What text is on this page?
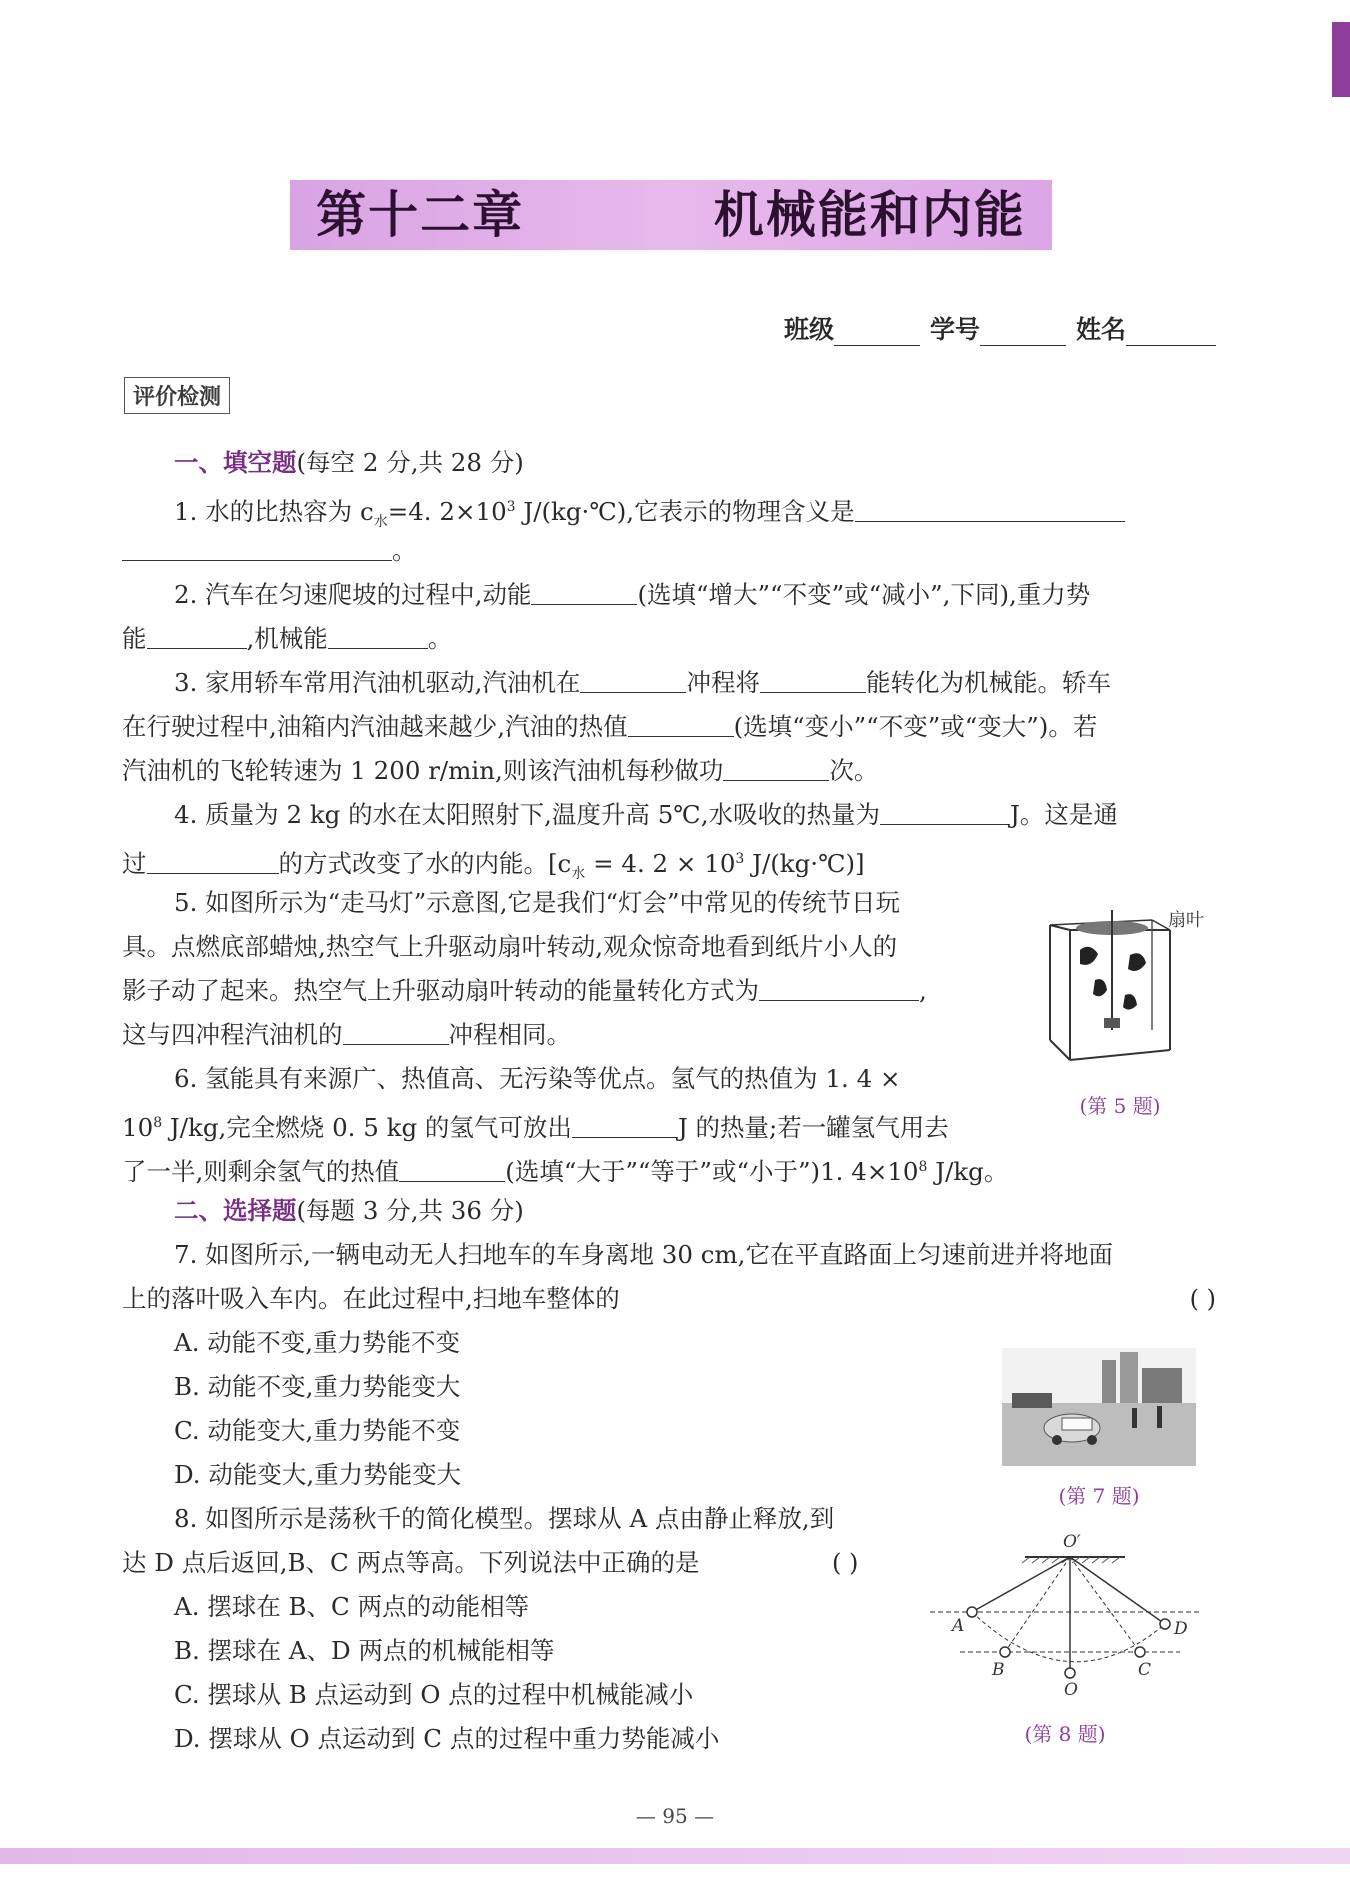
第十二章    机械能和内能
班级	学号	姓名
评价检测
一、填空题(每空 2 分,共 28 分)
1. 水的比热容为 $c_水=4$. $2\times 10^3$ J/(kg·℃),它表示的物理含义是
。
2. 汽车在匀速爬坡的过程中,动能	(选填“增大”“不变”或“减小”,下同),重力势
能	,机械能	。
3. 家用轿车常用汽油机驱动,汽油机在	冲程将	能转化为机械能。轿车
在行驶过程中,油箱内汽油越来越少,汽油的热值	(选填“变小”“不变”或“变大”)。若
汽油机的飞轮转速为 1 200 r/min,则该汽油机每秒做功	次。
4. 质量为 2 kg 的水在太阳照射下,温度升高 5℃,水吸收的热量为	J。这是通
过	的方式改变了水的内能。[$c_水 = 4$. $2 \times 10^3$ J/(kg·℃)]
5. 如图所示为“走马灯”示意图,它是我们“灯会”中常见的传统节日玩
具。点燃底部蜡烛,热空气上升驱动扇叶转动,观众惊奇地看到纸片小人的
影子动了起来。热空气上升驱动扇叶转动的能量转化方式为	,
这与四冲程汽油机的	冲程相同。
扇叶
(第 5 题)
6. 氢能具有来源广、热值高、无污染等优点。氢气的热值为 1. 4 ×
$10^8$ J/kg,完全燃烧 0. 5 kg 的氢气可放出	J 的热量;若一罐氢气用去
了一半,则剩余氢气的热值	(选填“大于”“等于”或“小于”)1. $4\times 10^8$ J/kg。
二、选择题(每题 3 分,共 36 分)
7. 如图所示,一辆电动无人扫地车的车身离地 30 cm,它在平直路面上匀速前进并将地面
上的落叶吸入车内。在此过程中,扫地车整体的	( )
A. 动能不变,重力势能不变
B. 动能不变,重力势能变大
C. 动能变大,重力势能不变
D. 动能变大,重力势能变大
(第 7 题)
8. 如图所示是荡秋千的简化模型。摆球从 A 点由静止释放,到
达 D 点后返回,B、C 两点等高。下列说法中正确的是	( )
A. 摆球在 B、C 两点的动能相等
B. 摆球在 A、D 两点的机械能相等
C. 摆球从 B 点运动到 O 点的过程中机械能减小
D. 摆球从 O 点运动到 C 点的过程中重力势能减小
O′
A
B
O
C
D
(第 8 题)
— 95 —
